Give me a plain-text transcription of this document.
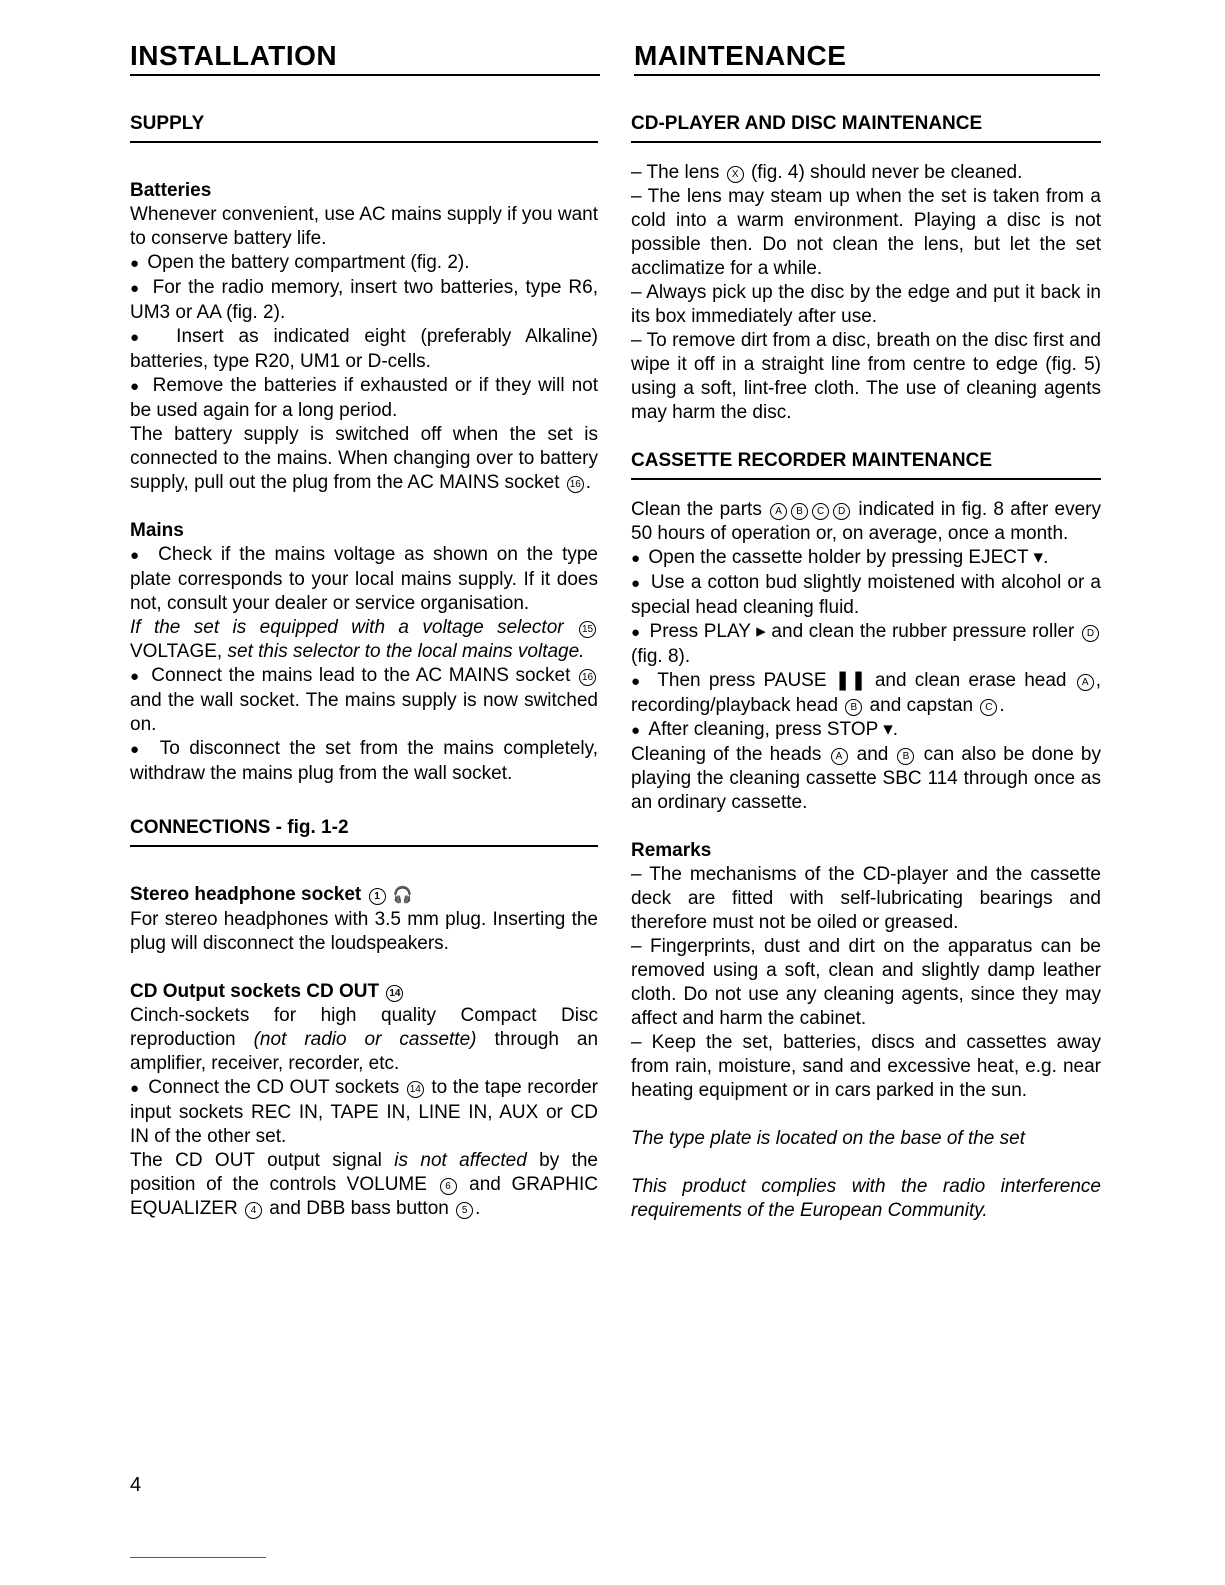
INSTALLATION	MAINTENANCE
SUPPLY
Batteries

Whenever convenient, use AC mains supply if you want to conserve battery life.

●  Open the battery compartment (fig. 2).

●  For the radio memory, insert two batteries, type R6, UM3 or AA (fig. 2).

●  Insert as indicated eight (preferably Alkaline) batteries, type R20, UM1 or D-cells.

●  Remove the batteries if exhausted or if they will not be used again for a long period.

The battery supply is switched off when the set is connected to the mains. When changing over to battery supply, pull out the plug from the AC MAINS socket 16 .

Mains

●  Check if the mains voltage as shown on the type plate corresponds to your local mains supply. If it does not, consult your dealer or service organisation.

If the set is equipped with a voltage selector 15 VOLTAGE, set this selector to the local mains voltage.

●  Connect the mains lead to the AC MAINS socket 16 and the wall socket. The mains supply is now switched on.

●  To disconnect the set from the mains completely, withdraw the mains plug from the wall socket.

CONNECTIONS - fig. 1-2
Stereo headphone socket 1 🎧

For stereo headphones with 3.5 mm plug. Inserting the plug will disconnect the loudspeakers.

CD Output sockets CD OUT 14

Cinch-sockets for high quality Compact Disc reproduction (not radio or cassette) through an amplifier, receiver, recorder, etc.

●  Connect the CD OUT sockets 14 to the tape recorder input sockets REC IN, TAPE IN, LINE IN, AUX or CD IN of the other set.

The CD OUT output signal is not affected by the position of the controls VOLUME 6 and GRAPHIC EQUALIZER 4 and DBB bass button 5 .

CD-PLAYER AND DISC MAINTENANCE

– The lens X (fig. 4) should never be cleaned.

– The lens may steam up when the set is taken from a cold into a warm environment. Playing a disc is not possible then. Do not clean the lens, but let the set acclimatize for a while.

– Always pick up the disc by the edge and put it back in its box immediately after use.

– To remove dirt from a disc, breath on the disc first and wipe it off in a straight line from centre to edge (fig. 5) using a soft, lint-free cloth. The use of cleaning agents may harm the disc.

CASSETTE RECORDER MAINTENANCE

Clean the parts A B C D indicated in fig. 8 after every 50 hours of operation or, on average, once a month.

●  Open the cassette holder by pressing EJECT ▾.

●  Use a cotton bud slightly moistened with alcohol or a special head cleaning fluid.

●  Press PLAY ▸ and clean the rubber pressure roller D (fig. 8).

●  Then press PAUSE ❚❚ and clean erase head A , recording/playback head B and capstan C .

●  After cleaning, press STOP ▾.

Cleaning of the heads A and B can also be done by playing the cleaning cassette SBC 114 through once as an ordinary cassette.

Remarks

– The mechanisms of the CD-player and the cassette deck are fitted with self-lubricating bearings and therefore must not be oiled or greased.

– Fingerprints, dust and dirt on the apparatus can be removed using a soft, clean and slightly damp leather cloth. Do not use any cleaning agents, since they may affect and harm the cabinet.

– Keep the set, batteries, discs and cassettes away from rain, moisture, sand and excessive heat, e.g. near heating equipment or in cars parked in the sun.

The type plate is located on the base of the set

This product complies with the radio interference requirements of the European Community.

4
